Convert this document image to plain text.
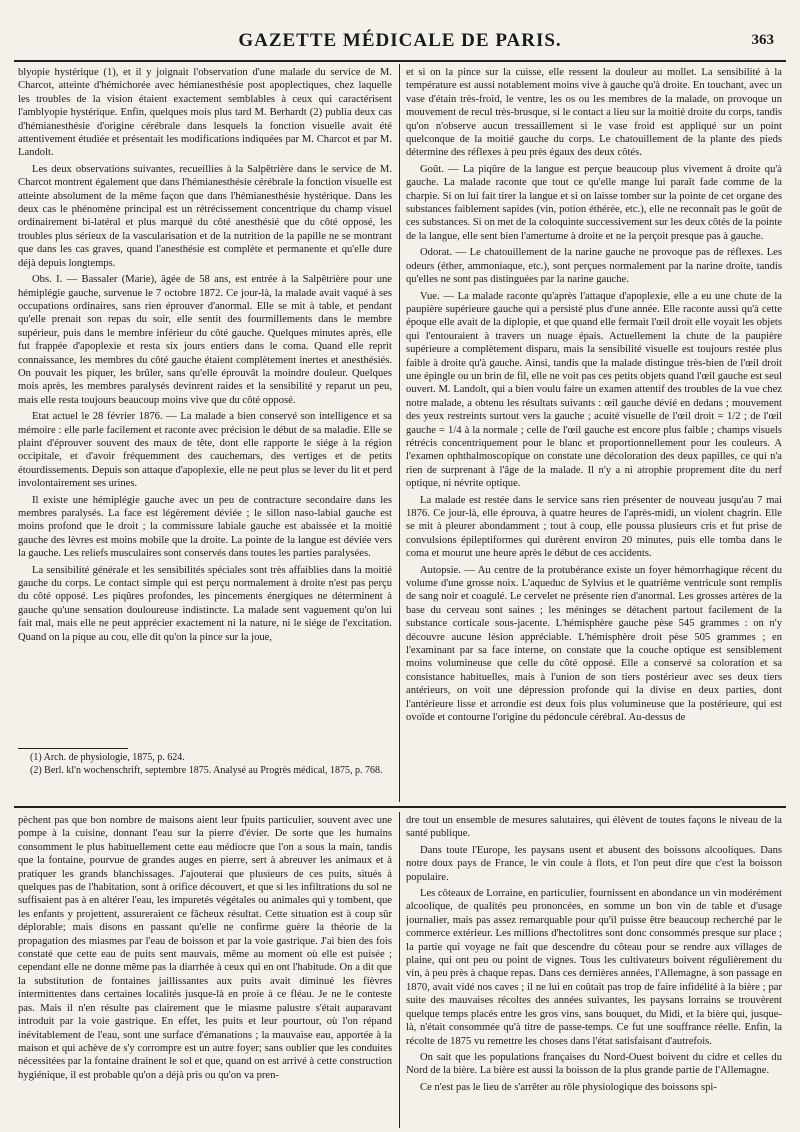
GAZETTE MÉDICALE DE PARIS.	363

blyopie hystérique (1), et il y joignait l'observation d'une malade du service de M. Charcot, atteinte d'hémichorée avec hémianesthésie post apoplectiques, chez laquelle les troubles de la vision étaient exactement semblables à ceux qui caractérisent l'amblyopie hystérique. Enfin, quelques mois plus tard M. Berhardt (2) publia deux cas d'hémianesthésie d'origine cérébrale dans lesquels la fonction visuelle avait été attentivement étudiée et présentait les modifications indiquées par M. Charcot et par M. Landolt.

Les deux observations suivantes, recueillies à la Salpêtrière dans le service de M. Charcot montrent également que dans l'hémianesthésie cérébrale la fonction visuelle est atteinte absolument de la même façon que dans l'hémianesthésie hystérique. Dans les deux cas le phénomène principal est un rétrécissement concentrique du champ visuel ordinairement bi-latéral et plus marqué du côté anesthésié que du côté opposé, les troubles plus sérieux de la vascularisation et de la nutrition de la papille ne se montrant que dans les cas graves, quand l'anesthésie est complète et permanente et qu'elle dure déjà depuis longtemps.

Obs. I. — Bassaler (Marie), âgée de 58 ans, est entrée à la Salpêtrière pour une hémiplégie gauche, survenue le 7 octobre 1872. Ce jour-là, la malade avait vaqué à ses occupations ordinaires, sans rien éprouver d'anormal. Elle se mit à table, et pendant qu'elle prenait son repas du soir, elle sentit des fourmillements dans le membre supérieur, puis dans le membre inférieur du côté gauche. Quelques minutes après, elle fut frappée d'apoplexie et resta six jours entiers dans le coma. Quand elle reprit connaissance, les membres du côté gauche étaient complètement inertes et anesthésiés. On pouvait les piquer, les brûler, sans qu'elle éprouvât la moindre douleur. Quelques mois après, les membres paralysés devinrent raides et la sensibilité y reparut un peu, mais elle resta toujours beaucoup moins vive que du côté opposé.

Etat actuel le 28 février 1876. — La malade a bien conservé son intelligence et sa mémoire : elle parle facilement et raconte avec précision le début de sa maladie. Elle se plaint d'éprouver souvent des maux de tête, dont elle rapporte le siége à la région occipitale, et d'avoir fréquemment des cauchemars, des vertiges et de petits étourdissements. Depuis son attaque d'apoplexie, elle ne peut plus se lever du lit et perd involontairement ses urines.

Il existe une hémiplégie gauche avec un peu de contracture secondaire dans les membres paralysés. La face est légèrement déviée ; le sillon naso-labial gauche est moins profond que le droit ; la commissure labiale gauche est abaissée et la moitié gauche des lèvres est moins mobile que la droite. La pointe de la langue est déviée vers la gauche. Les reliefs musculaires sont conservés dans toutes les parties paralysées.

La sensibilité générale et les sensibilités spéciales sont très affaiblies dans la moitié gauche du corps. Le contact simple qui est perçu normalement à droite n'est pas perçu du côté opposé. Les piqûres profondes, les pincements énergiques ne déterminent à gauche qu'une sensation douloureuse indistincte. La malade sent vaguement qu'on lui fait mal, mais elle ne peut apprécier exactement ni la nature, ni le siége de l'excitation. Quand on la pique au cou, elle dit qu'on la pince sur la joue,

(1) Arch. de physiologie, 1875, p. 624.

(2) Berl. kl'n wochenschrift, septembre 1875. Analysé au Progrès médical, 1875, p. 768.

et si on la pince sur la cuisse, elle ressent la douleur au mollet. La sensibilité à la température est aussi notablement moins vive à gauche qu'à droite. En touchant, avec un vase d'étain très-froid, le ventre, les os ou les membres de la malade, on provoque un mouvement de recul très-brusque, si le contact a lieu sur la moitié droite du corps, tandis qu'on n'observe aucun tressaillement si le vase froid est appliqué sur un point quelconque de la moitié gauche du corps. Le chatouillement de la plante des pieds détermine des réflexes à peu près égaux des deux côtés.

Goût. — La piqûre de la langue est perçue beaucoup plus vivement à droite qu'à gauche. La malade raconte que tout ce qu'elle mange lui paraît fade comme de la charpie. Si on lui fait tirer la langue et si on laisse tomber sur la pointe de cet organe des substances faiblement sapides (vin, potion éthérée, etc.), elle ne reconnaît pas le goût de ces substances. Si on met de la coloquinte successivement sur les deux côtés de la pointe de la langue, elle sent bien l'amertume à droite et ne la perçoit presque pas à gauche.

Odorat. — Le chatouillement de la narine gauche ne provoque pas de réflexes. Les odeurs (éther, ammoniaque, etc.), sont perçues normalement par la narine droite, tandis qu'elles ne sont pas distinguées par la narine gauche.

Vue. — La malade raconte qu'après l'attaque d'apoplexie, elle a eu une chute de la paupière supérieure gauche qui a persisté plus d'une année. Elle raconte aussi qu'à cette époque elle avait de la diplopie, et que quand elle fermait l'œil droit elle voyait les objets qui l'entouraient à travers un nuage épais. Actuellement la chute de la paupière supérieure a complètement disparu, mais la sensibilité visuelle est toujours restée plus faible à droite qu'à gauche. Ainsi, tandis que la malade distingue très-bien de l'œil droit une épingle ou un brin de fil, elle ne voit pas ces petits objets quand l'œil gauche est seul ouvert. M. Landolt, qui a bien voulu faire un examen attentif des troubles de la vue chez notre malade, a obtenu les résultats suivants : œil gauche dévié en dedans ; mouvement des yeux restreints surtout vers la gauche ; acuité visuelle de l'œil droit = 1/2 ; de l'œil gauche = 1/4 à la normale ; celle de l'œil gauche est encore plus faible ; champs visuels rétrécis concentriquement pour le blanc et proportionnellement pour les couleurs. A l'examen ophthalmoscopique on constate une décoloration des deux papilles, ce qui n'a rien de surprenant à l'âge de la malade. Il n'y a ni atrophie proprement dite du nerf optique, ni névrite optique.

La malade est restée dans le service sans rien présenter de nouveau jusqu'au 7 mai 1876. Ce jour-là, elle éprouva, à quatre heures de l'après-midi, un violent chagrin. Elle se mit à pleurer abondamment ; tout à coup, elle poussa plusieurs cris et fut prise de convulsions épileptiformes qui durèrent environ 20 minutes, puis elle tomba dans le coma et mourut une heure après le début de ces accidents.

Autopsie. — Au centre de la protubérance existe un foyer hémorrhagique récent du volume d'une grosse noix. L'aqueduc de Sylvius et le quatrième ventricule sont remplis de sang noir et coagulé. Le cervelet ne présente rien d'anormal. Les grosses artères de la base du cerveau sont saines ; les méninges se détachent partout facilement de la substance corticale sous-jacente. L'hémisphère gauche pèse 545 grammes : on n'y découvre aucune lésion appréciable. L'hémisphère droit pèse 505 grammes ; en l'examinant par sa face interne, on constate que la couche optique est sensiblement moins volumineuse que celle du côté opposé. Elle a conservé sa coloration et sa consistance habituelles, mais à l'union de son tiers postérieur avec ses deux tiers antérieurs, on voit une dépression profonde qui la divise en deux parties, dont l'antérieure lisse et arrondie est deux fois plus volumineuse que la postérieure, qui est ovoïde et contourne l'origine du pédoncule cérébral. Au-dessus de

pèchent pas que bon nombre de maisons aient leur fpuits particulier, souvent avec une pompe à la cuisine, donnant l'eau sur la pierre d'évier. De sorte que les humains consomment le plus habituellement cette eau médiocre que l'on a sous la main, tandis que la fontaine, pourvue de grandes auges en pierre, sert à abreuver les animaux et à pratiquer les grands blanchissages. J'ajouterai que plusieurs de ces puits, situés à quelques pas de l'habitation, sont à orifice découvert, et que si les infiltrations du sol ne suffisaient pas à en altérer l'eau, les impuretés végétales ou animales qui y tombent, que les enfants y projettent, assureraient ce fâcheux résultat. Cette situation est à coup sûr déplorable; mais disons en passant qu'elle ne confirme guère la théorie de la propagation des miasmes par l'eau de boisson et par la voie gastrique. J'ai bien des fois constaté que cette eau de puits sent mauvais, même au moment où elle est puisée ; cependant elle ne donne même pas la diarrhée à ceux qui en ont l'habitude. On a dit que la substitution de fontaines jaillissantes aux puits avait diminué les fièvres intermittentes dans certaines localités jusque-là en proie à ce fléau. Je ne le conteste pas. Mais il n'en résulte pas clairement que le miasme palustre s'était auparavant introduit par la voie gastrique. En effet, les puits et leur pourtour, où l'on répand inévitablement de l'eau, sont une surface d'émanations ; la mauvaise eau, apportée à la maison et qui achève de s'y corrompre est un autre foyer; sans oublier que les conduites nécessitées par la fontaine drainent le sol et que, quand on est arrivé à cette construction hygiénique, il est probable qu'on a déjà pris ou qu'on va pren-

dre tout un ensemble de mesures salutaires, qui élèvent de toutes façons le niveau de la santé publique.

Dans toute l'Europe, les paysans usent et abusent des boissons alcooliques. Dans notre doux pays de France, le vin coule à flots, et l'on peut dire que c'est la boisson populaire.

Les côteaux de Lorraine, en particulier, fournissent en abondance un vin modérément alcoolique, de qualités peu prononcées, en somme un bon vin de table et d'usage journalier, mais pas assez remarquable pour qu'il puisse être beaucoup recherché par le commerce extérieur. Les millions d'hectolitres sont donc consommés presque sur place ; la partie qui voyage ne fait que descendre du côteau pour se rendre aux villages de plaine, qui ont peu ou point de vignes. Tous les cultivateurs boivent régulièrement du vin, à peu près à chaque repas. Dans ces dernières années, l'Allemagne, à son passage en 1870, avait vidé nos caves ; il ne lui en coûtait pas trop de faire infidélité à la bière ; par suite des mauvaises récoltes des années suivantes, les paysans lorrains se trouvèrent quelque temps placés entre les gros vins, sans bouquet, du Midi, et la bière qui, jusque-là, n'était consommée qu'à titre de passe-temps. Ce fut une souffrance réelle. Enfin, la récolte de 1875 vu remettre les choses dans l'état satisfaisant d'autrefois.

On sait que les populations françaises du Nord-Ouest boivent du cidre et celles du Nord de la bière. La bière est aussi la boisson de la plus grande partie de l'Allemagne.

Ce n'est pas le lieu de s'arrêter au rôle physiologique des boissons spi-
